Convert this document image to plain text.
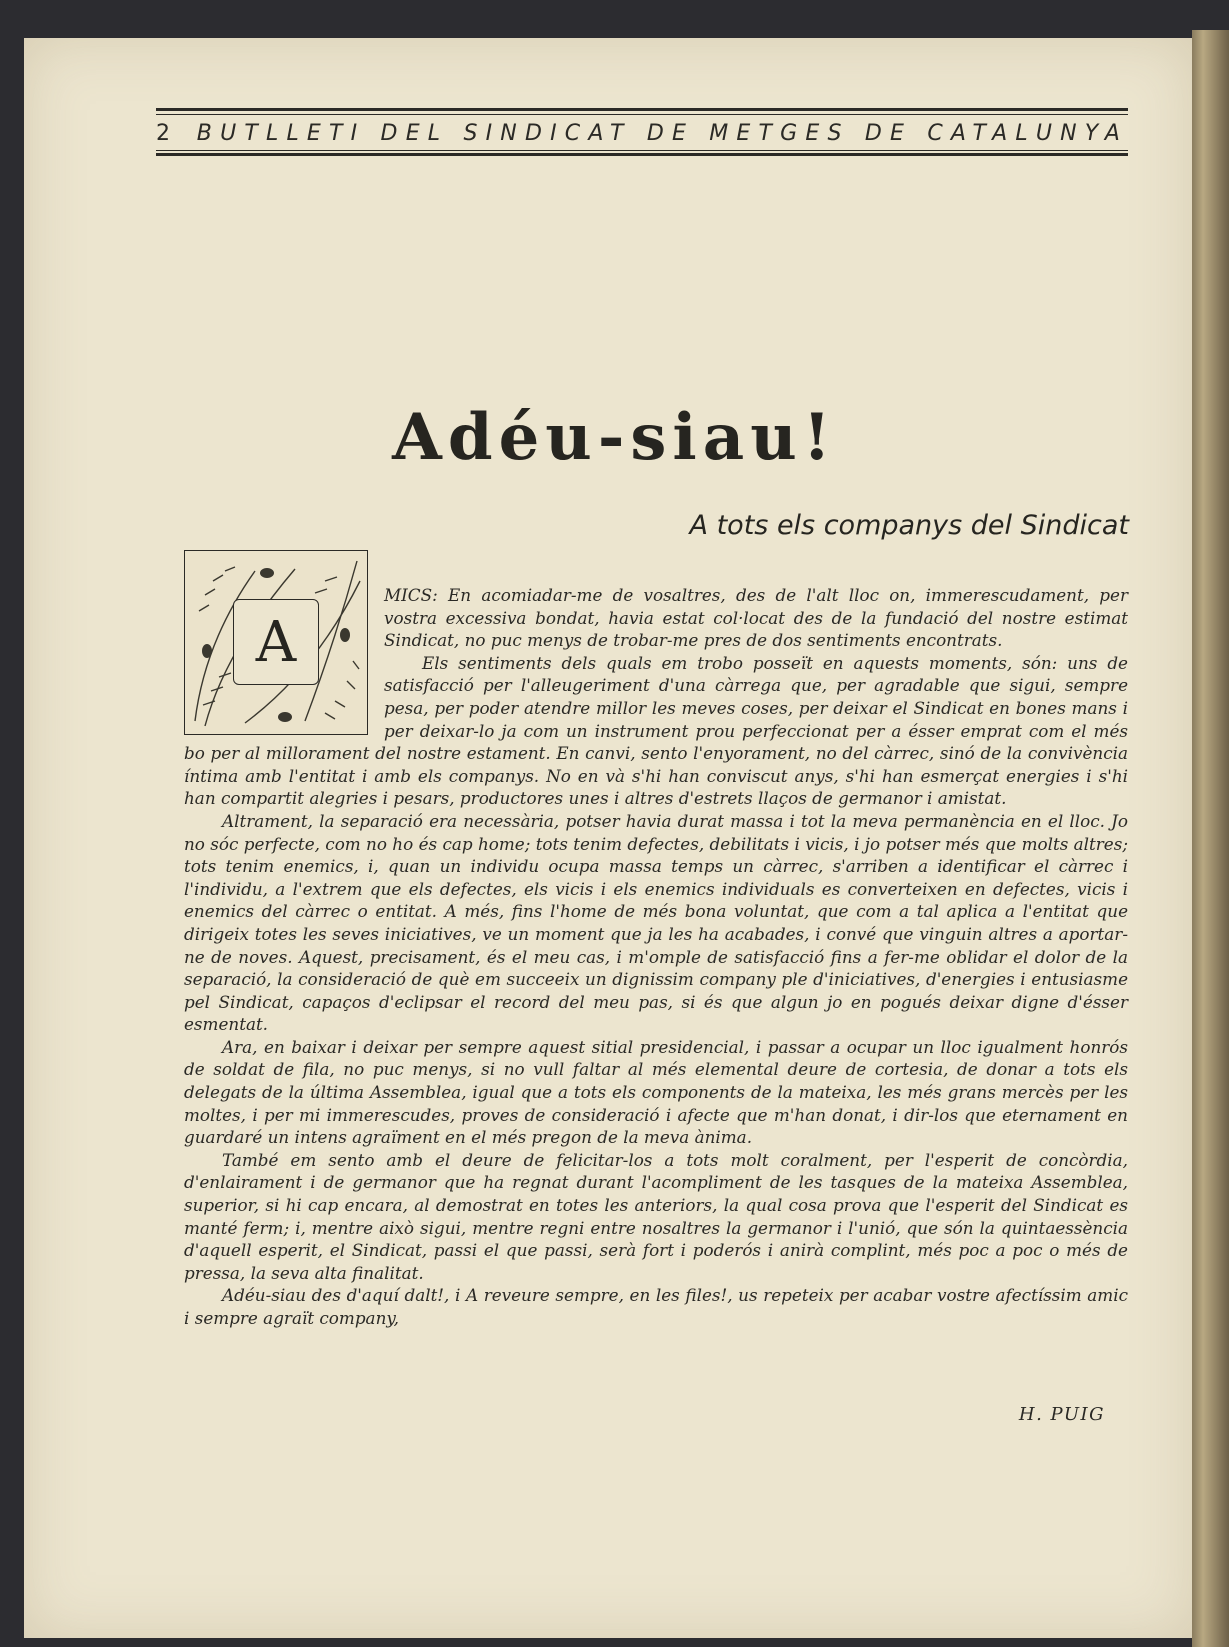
2	BUTLLETI DEL SINDICAT DE METGES DE CATALUNYA
Adéu-siau!
A tots els companys del Sindicat
A

MICS: En acomiadar-me de vosaltres, des de l'alt lloc on, immerescudament, per vostra excessiva bondat, havia estat col·locat des de la fundació del nostre estimat Sindicat, no puc menys de trobar-me pres de dos sentiments encontrats.

Els sentiments dels quals em trobo posseït en aquests moments, són: uns de satisfacció per l'alleugeriment d'una càrrega que, per agradable que sigui, sempre pesa, per poder atendre millor les meves coses, per deixar el Sindicat en bones mans i per deixar-lo ja com un instrument prou perfeccionat per a ésser emprat com el més bo per al millorament del nostre estament. En canvi, sento l'enyorament, no del càrrec, sinó de la convivència íntima amb l'entitat i amb els companys. No en và s'hi han conviscut anys, s'hi han esmerçat energies i s'hi han compartit alegries i pesars, productores unes i altres d'estrets llaços de germanor i amistat.

Altrament, la separació era necessària, potser havia durat massa i tot la meva permanència en el lloc. Jo no sóc perfecte, com no ho és cap home; tots tenim defectes, debilitats i vicis, i jo potser més que molts altres; tots tenim enemics, i, quan un individu ocupa massa temps un càrrec, s'arriben a identificar el càrrec i l'individu, a l'extrem que els defectes, els vicis i els enemics individuals es converteixen en defectes, vicis i enemics del càrrec o entitat. A més, fins l'home de més bona voluntat, que com a tal aplica a l'entitat que dirigeix totes les seves iniciatives, ve un moment que ja les ha acabades, i convé que vinguin altres a aportar-ne de noves. Aquest, precisament, és el meu cas, i m'omple de satisfacció fins a fer-me oblidar el dolor de la separació, la consideració de què em succeeix un dignissim company ple d'iniciatives, d'energies i entusiasme pel Sindicat, capaços d'eclipsar el record del meu pas, si és que algun jo en pogués deixar digne d'ésser esmentat.

Ara, en baixar i deixar per sempre aquest sitial presidencial, i passar a ocupar un lloc igualment honrós de soldat de fila, no puc menys, si no vull faltar al més elemental deure de cortesia, de donar a tots els delegats de la última Assemblea, igual que a tots els components de la mateixa, les més grans mercès per les moltes, i per mi immerescudes, proves de consideració i afecte que m'han donat, i dir-los que eternament en guardaré un intens agraïment en el més pregon de la meva ànima.

També em sento amb el deure de felicitar-los a tots molt coralment, per l'esperit de concòrdia, d'enlairament i de germanor que ha regnat durant l'acompliment de les tasques de la mateixa Assemblea, superior, si hi cap encara, al demostrat en totes les anteriors, la qual cosa prova que l'esperit del Sindicat es manté ferm; i, mentre això sigui, mentre regni entre nosaltres la germanor i l'unió, que són la quintaessència d'aquell esperit, el Sindicat, passi el que passi, serà fort i poderós i anirà complint, més poc a poc o més de pressa, la seva alta finalitat.

Adéu-siau des d'aquí dalt!, i A reveure sempre, en les files!, us repeteix per acabar vostre afectíssim amic i sempre agraït company,

H. PUIG
